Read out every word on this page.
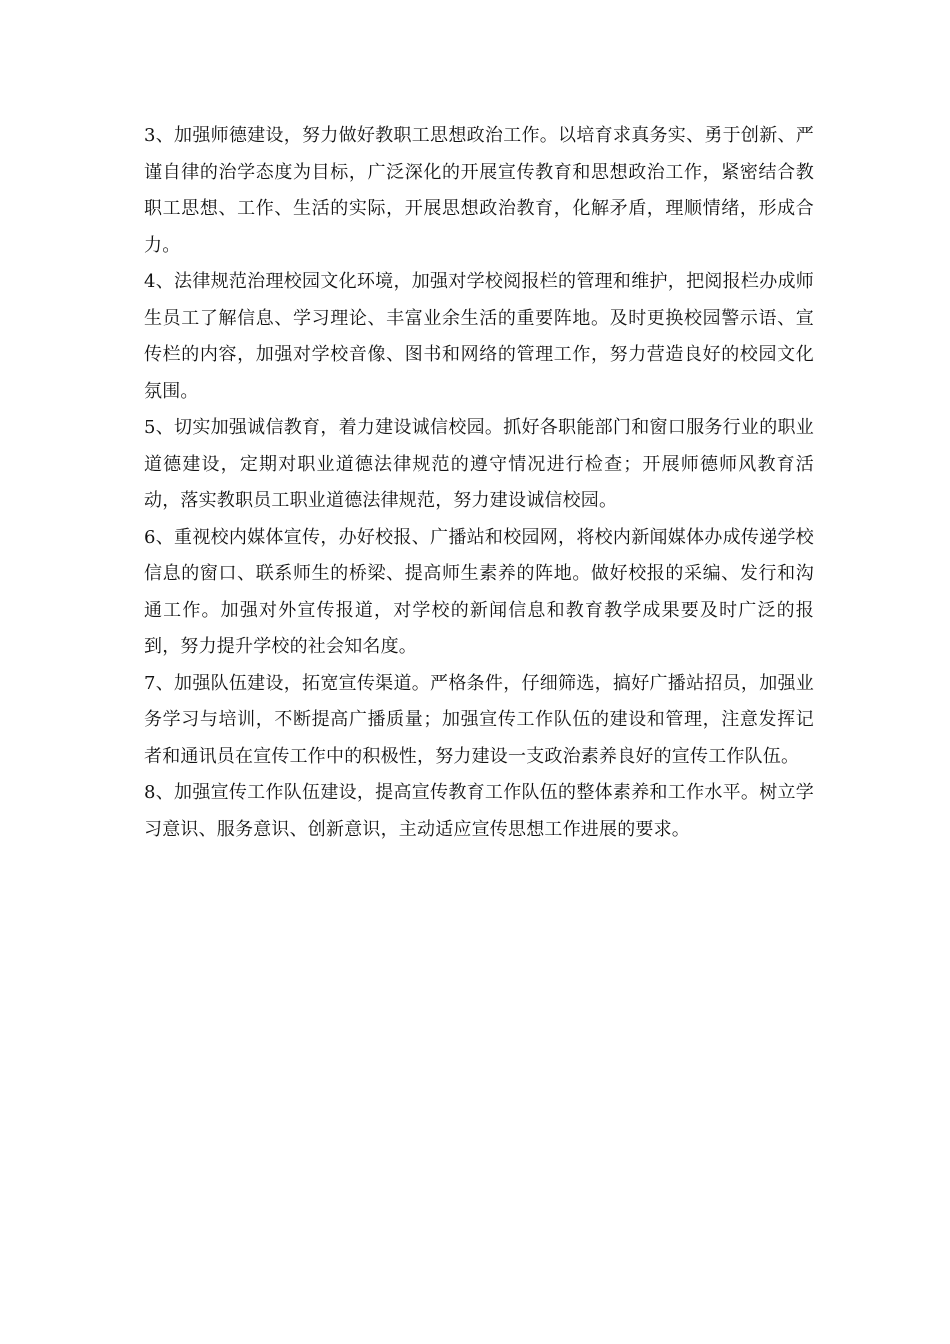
3、加强师德建设，努力做好教职工思想政治工作。以培育求真务实、勇于创新、严谨自律的治学态度为目标，广泛深化的开展宣传教育和思想政治工作，紧密结合教职工思想、工作、生活的实际，开展思想政治教育，化解矛盾，理顺情绪，形成合力。

4、法律规范治理校园文化环境，加强对学校阅报栏的管理和维护，把阅报栏办成师生员工了解信息、学习理论、丰富业余生活的重要阵地。及时更换校园警示语、宣传栏的内容，加强对学校音像、图书和网络的管理工作，努力营造良好的校园文化氛围。

5、切实加强诚信教育，着力建设诚信校园。抓好各职能部门和窗口服务行业的职业道德建设，定期对职业道德法律规范的遵守情况进行检查；开展师德师风教育活动，落实教职员工职业道德法律规范，努力建设诚信校园。

6、重视校内媒体宣传，办好校报、广播站和校园网，将校内新闻媒体办成传递学校信息的窗口、联系师生的桥梁、提高师生素养的阵地。做好校报的采编、发行和沟通工作。加强对外宣传报道，对学校的新闻信息和教育教学成果要及时广泛的报到，努力提升学校的社会知名度。

7、加强队伍建设，拓宽宣传渠道。严格条件，仔细筛选，搞好广播站招员，加强业务学习与培训，不断提高广播质量；加强宣传工作队伍的建设和管理，注意发挥记者和通讯员在宣传工作中的积极性，努力建设一支政治素养良好的宣传工作队伍。

8、加强宣传工作队伍建设，提高宣传教育工作队伍的整体素养和工作水平。树立学习意识、服务意识、创新意识，主动适应宣传思想工作进展的要求。
